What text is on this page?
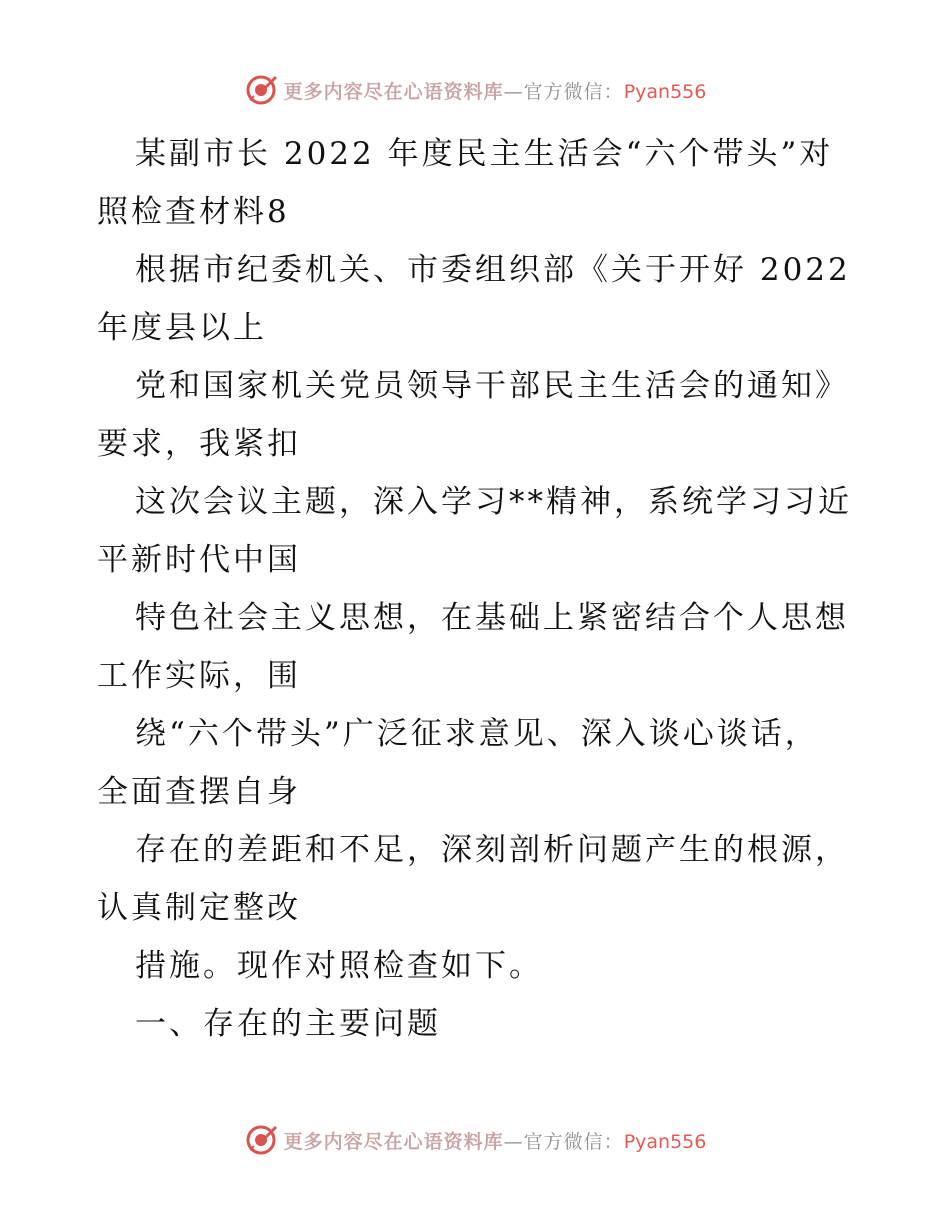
更多内容尽在心语资料库—官方微信：Pyan556
某副市长 2022 年度民主生活会“六个带头”对
照检查材料8
根据市纪委机关、市委组织部《关于开好 2022
年度县以上
党和国家机关党员领导干部民主生活会的通知》
要求，我紧扣
这次会议主题，深入学习**精神，系统学习习近
平新时代中国
特色社会主义思想，在基础上紧密结合个人思想
工作实际，围
绕“六个带头”广泛征求意见、深入谈心谈话，
全面查摆自身
存在的差距和不足，深刻剖析问题产生的根源，
认真制定整改
措施。现作对照检查如下。
一、存在的主要问题
更多内容尽在心语资料库—官方微信：Pyan556
